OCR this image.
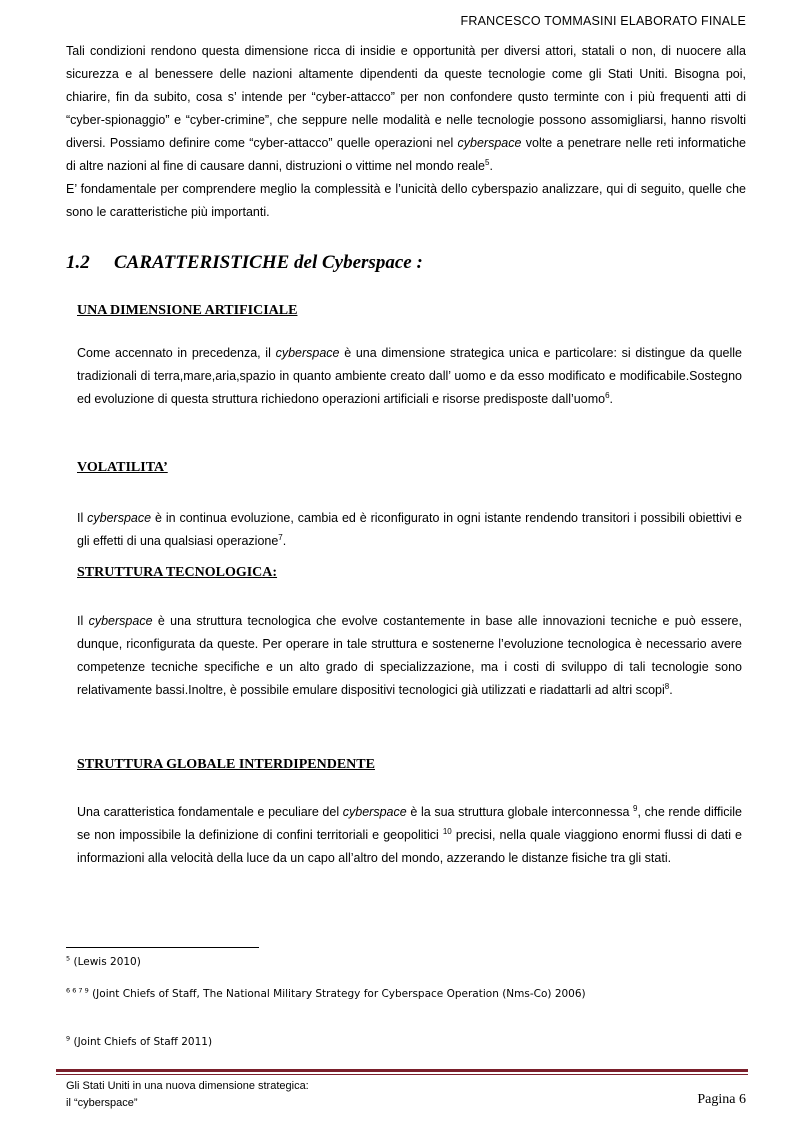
FRANCESCO TOMMASINI ELABORATO FINALE

Tali condizioni rendono questa dimensione ricca di insidie e opportunità per diversi attori, statali o non, di nuocere alla sicurezza e al benessere delle nazioni altamente dipendenti da queste tecnologie come gli Stati Uniti. Bisogna poi, chiarire, fin da subito, cosa s’ intende per “cyber-attacco” per non confondere qusto terminte con i più frequenti atti di “cyber-spionaggio” e “cyber-crimine”, che seppure nelle modalità e nelle tecnologie possono assomigliarsi, hanno risvolti diversi. Possiamo definire come “cyber-attacco” quelle operazioni nel cyberspace volte a penetrare nelle reti informatiche di altre nazioni al fine di causare danni, distruzioni o vittime nel mondo reale$^5$.

E’ fondamentale per comprendere meglio la complessità e l’unicità dello cyberspazio analizzare, qui di seguito, quelle che sono le caratteristiche più importanti.

1.2 CARATTERISTICHE del Cyberspace :
UNA DIMENSIONE ARTIFICIALE

Come accennato in precedenza, il cyberspace è una dimensione strategica unica e particolare: si distingue da quelle tradizionali di terra,mare,aria,spazio in quanto ambiente creato dall’ uomo e da esso modificato e modificabile.Sostegno ed evoluzione di questa struttura richiedono operazioni artificiali e risorse predisposte dall’uomo$^6$.

VOLATILITA’

Il cyberspace è in continua evoluzione, cambia ed è riconfigurato in ogni istante rendendo transitori i possibili obiettivi e gli effetti di una qualsiasi operazione$^7$.

STRUTTURA TECNOLOGICA:

Il cyberspace è una struttura tecnologica che evolve costantemente in base alle innovazioni tecniche e può essere, dunque, riconfigurata da queste. Per operare in tale struttura e sostenerne l’evoluzione tecnologica è necessario avere competenze tecniche specifiche e un alto grado di specializzazione, ma i costi di sviluppo di tali tecnologie sono relativamente bassi.Inoltre, è possibile emulare dispositivi tecnologici già utilizzati e riadattarli ad altri scopi$^8$.

STRUTTURA GLOBALE INTERDIPENDENTE

Una caratteristica fondamentale e peculiare del cyberspace è la sua struttura globale interconnessa $^9$, che rende difficile se non impossibile la definizione di confini territoriali e geopolitici $^{10}$ precisi, nella quale viaggiono enormi flussi di dati e informazioni alla velocità della luce da un capo all’altro del mondo, azzerando le distanze fisiche tra gli stati.

$^5$ (Lewis 2010)
$^{6 6 7 9}$ (Joint Chiefs of Staff, The National Military Strategy for Cyberspace Operation (Nms-Co) 2006)
$^9$ (Joint Chiefs of Staff 2011)
Gli Stati Uniti in una nuova dimensione strategica:
il “cyberspace”	Pagina 6
